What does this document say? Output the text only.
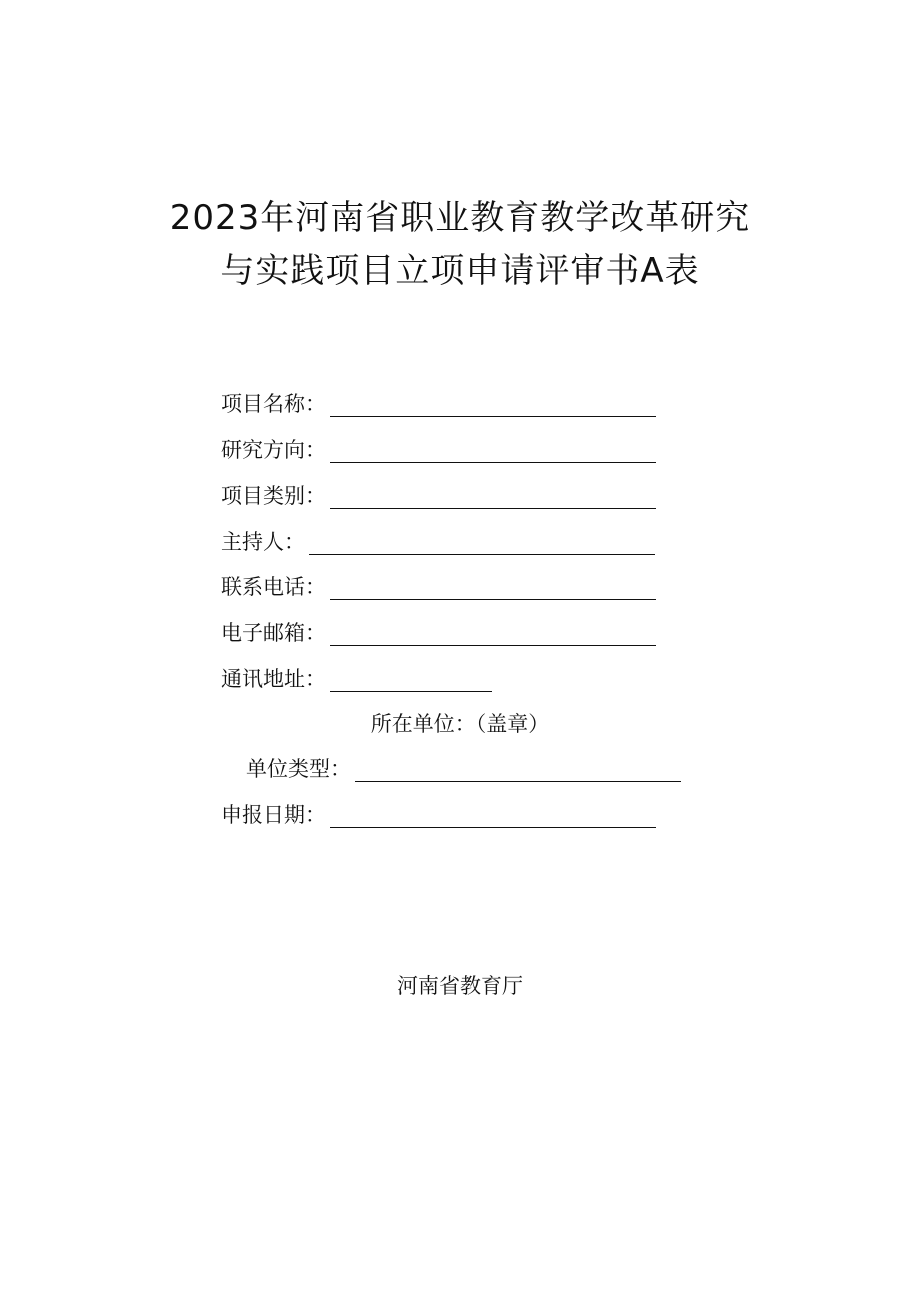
2023年河南省职业教育教学改革研究
与实践项目立项申请评审书A表
项目名称：
研究方向：
项目类别：
主持人：
联系电话：
电子邮箱：
通讯地址：
所在单位：（盖章）
单位类型：
申报日期：
河南省教育厅
